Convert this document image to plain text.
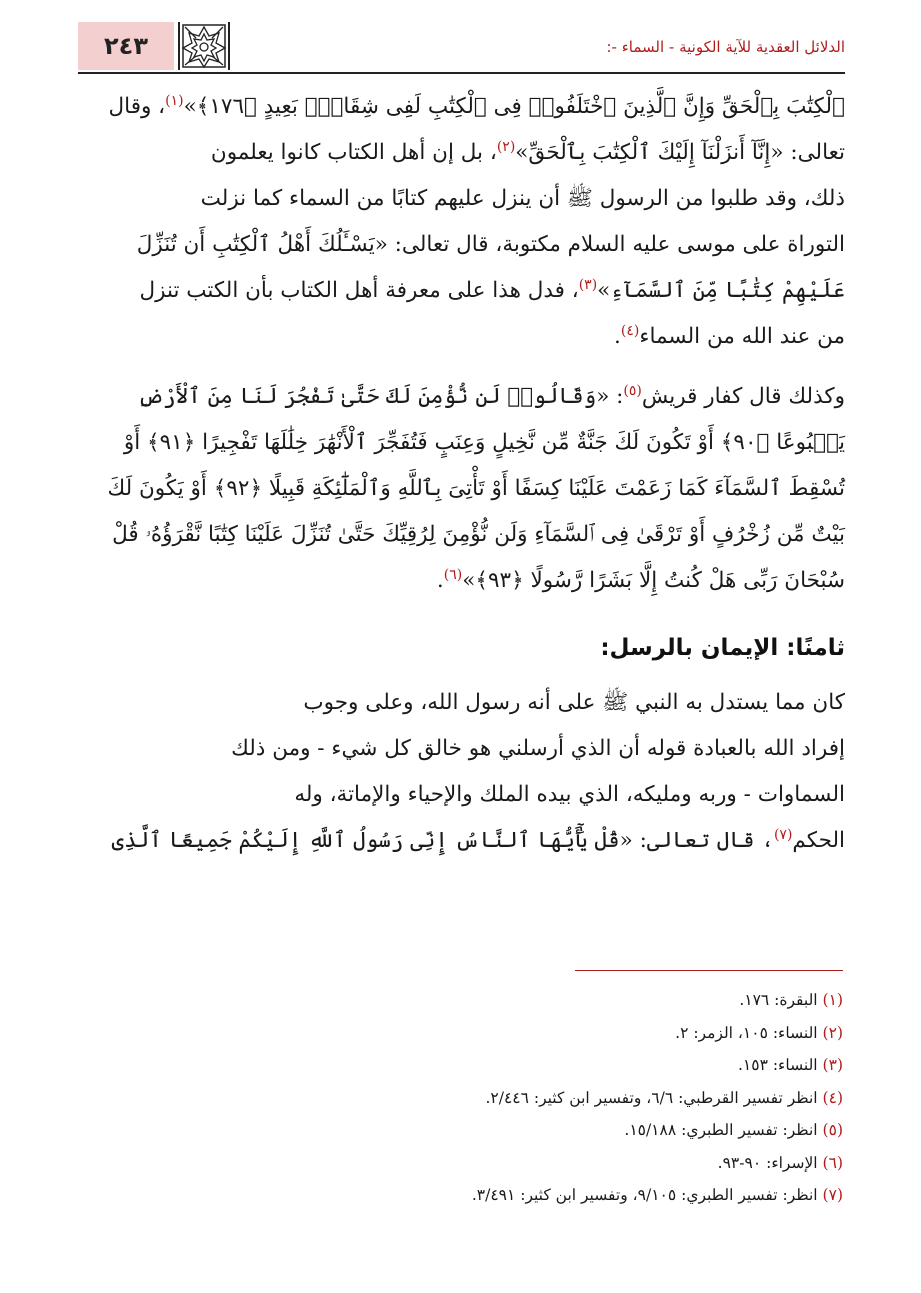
الدلائل العقدية للآية الكونية - السماء -:
٢٤٣

ٱلْكِتَٰبَ بِٱلْحَقِّ وَإِنَّ ٱلَّذِينَ ٱخْتَلَفُوا۟ فِى ٱلْكِتَٰبِ لَفِى شِقَاقٍۭ بَعِيدٍ ﴿١٧٦﴾»$^{(١)}$، وقال
تعالى: «إِنَّآ أَنزَلْنَآ إِلَيْكَ ٱلْكِتَٰبَ بِٱلْحَقِّ»$^{(٢)}$، بل إن أهل الكتاب كانوا يعلمون
ذلك، وقد طلبوا من الرسول ﷺ أن ينزل عليهم كتابًا من السماء كما نزلت
التوراة على موسى عليه السلام مكتوبة، قال تعالى: «يَسْـَٔلُكَ أَهْلُ ٱلْكِتَٰبِ أَن تُنَزِّلَ
عَلَيْهِمْ كِتَٰبًا مِّنَ ٱلسَّمَآءِ»$^{(٣)}$، فدل هذا على معرفة أهل الكتاب بأن الكتب تنزل
من عند الله من السماء$^{(٤)}$.

وكذلك قال كفار قريش$^{(٥)}$: «وَقَالُوا۟ لَن نُّؤْمِنَ لَكَ حَتَّىٰ تَفْجُرَ لَنَا مِنَ ٱلْأَرْضِ
يَنۢبُوعًا ﴿٩٠﴾ أَوْ تَكُونَ لَكَ جَنَّةٌ مِّن نَّخِيلٍ وَعِنَبٍ فَتُفَجِّرَ ٱلْأَنْهَٰرَ خِلَٰلَهَا تَفْجِيرًا ﴿٩١﴾ أَوْ
تُسْقِطَ ٱلسَّمَآءَ كَمَا زَعَمْتَ عَلَيْنَا كِسَفًا أَوْ تَأْتِىَ بِٱللَّهِ وَٱلْمَلَٰٓئِكَةِ قَبِيلًا ﴿٩٢﴾ أَوْ يَكُونَ لَكَ
بَيْتٌ مِّن زُخْرُفٍ أَوْ تَرْقَىٰ فِى ٱلسَّمَآءِ وَلَن نُّؤْمِنَ لِرُقِيِّكَ حَتَّىٰ تُنَزِّلَ عَلَيْنَا كِتَٰبًا نَّقْرَؤُهُۥ قُلْ
سُبْحَانَ رَبِّى هَلْ كُنتُ إِلَّا بَشَرًا رَّسُولًا ﴿٩٣﴾»$^{(٦)}$.

ثامنًا: الإيمان بالرسل:

كان مما يستدل به النبي ﷺ على أنه رسول الله، وعلى وجوب
إفراد الله بالعبادة قوله أن الذي أرسلني هو خالق كل شيء - ومن ذلك
السماوات - وربه ومليكه، الذي بيده الملك والإحياء والإماتة، وله
الحكم$^{(٧)}$، قال تعالى: «قُلْ يَٰٓأَيُّهَا ٱلنَّاسُ إِنِّى رَسُولُ ٱللَّهِ إِلَيْكُمْ جَمِيعًا ٱلَّذِى

(١) البقرة: ١٧٦.
(٢) النساء: ١٠٥، الزمر: ٢.
(٣) النساء: ١٥٣.
(٤) انظر تفسير القرطبي: ٦/٦، وتفسير ابن كثير: ٢/٤٤٦.
(٥) انظر: تفسير الطبري: ١٥/١٨٨.
(٦) الإسراء: ٩٠-٩٣.
(٧) انظر: تفسير الطبري: ٩/١٠٥، وتفسير ابن كثير: ٣/٤٩١.
